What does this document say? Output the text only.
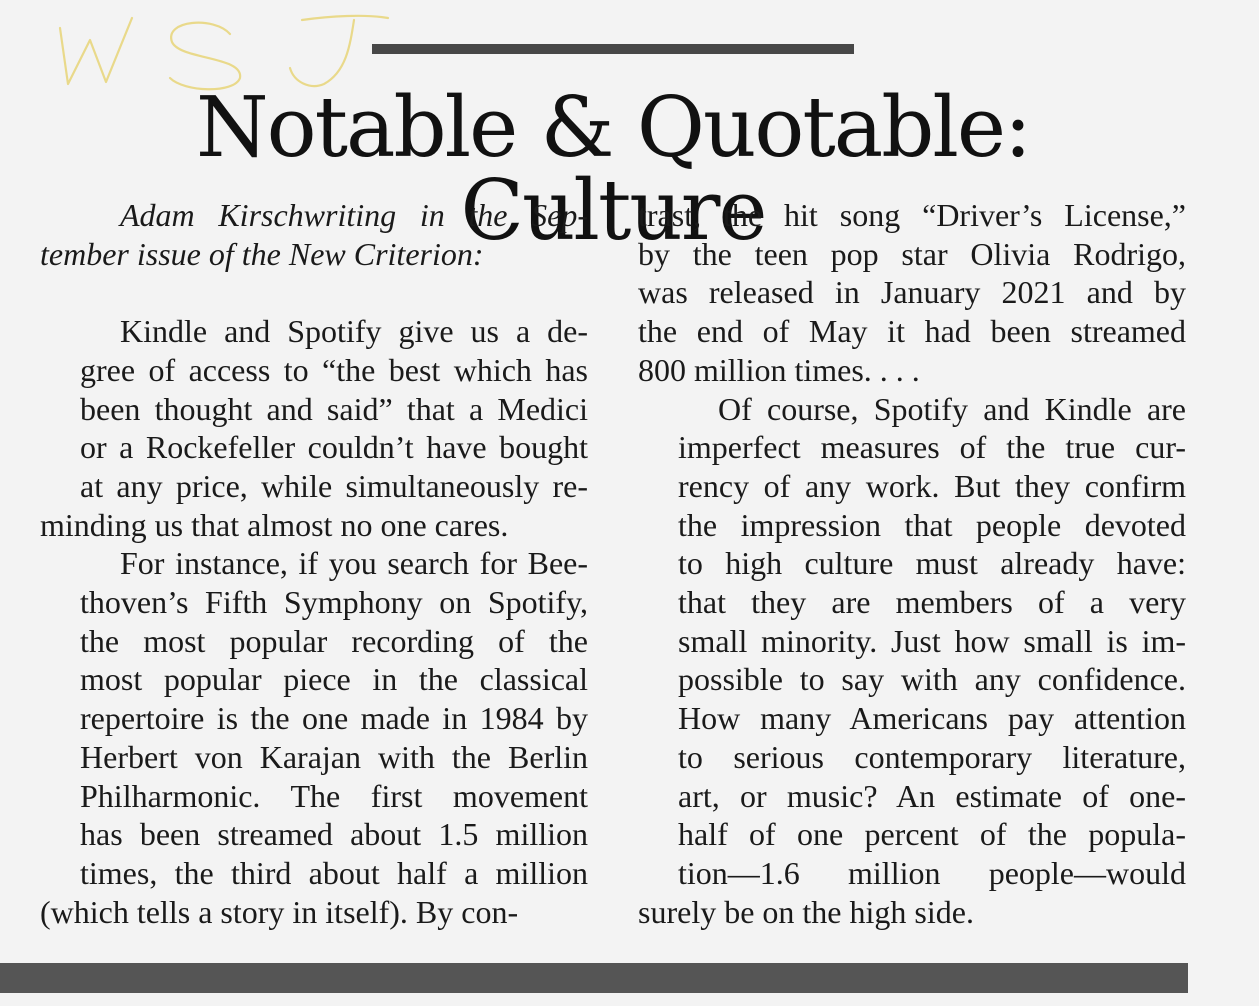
Notable & Quotable: Culture

Adam Kirschwriting in the Sep-
tember issue of the New Criterion:

Kindle and Spotify give us a de-
gree of access to “the best which has
been thought and said” that a Medici
or a Rockefeller couldn’t have bought
at any price, while simultaneously re-
minding us that almost no one cares.

For instance, if you search for Bee-
thoven’s Fifth Symphony on Spotify,
the most popular recording of the
most popular piece in the classical
repertoire is the one made in 1984 by
Herbert von Karajan with the Berlin
Philharmonic. The first movement
has been streamed about 1.5 million
times, the third about half a million
(which tells a story in itself). By con-

trast, the hit song “Driver’s License,”
by the teen pop star Olivia Rodrigo,
was released in January 2021 and by
the end of May it had been streamed
800 million times. . . .

Of course, Spotify and Kindle are
imperfect measures of the true cur-
rency of any work. But they confirm
the impression that people devoted
to high culture must already have:
that they are members of a very
small minority. Just how small is im-
possible to say with any confidence.
How many Americans pay attention
to serious contemporary literature,
art, or music? An estimate of one-
half of one percent of the popula-
tion—1.6 million people—would
surely be on the high side.
